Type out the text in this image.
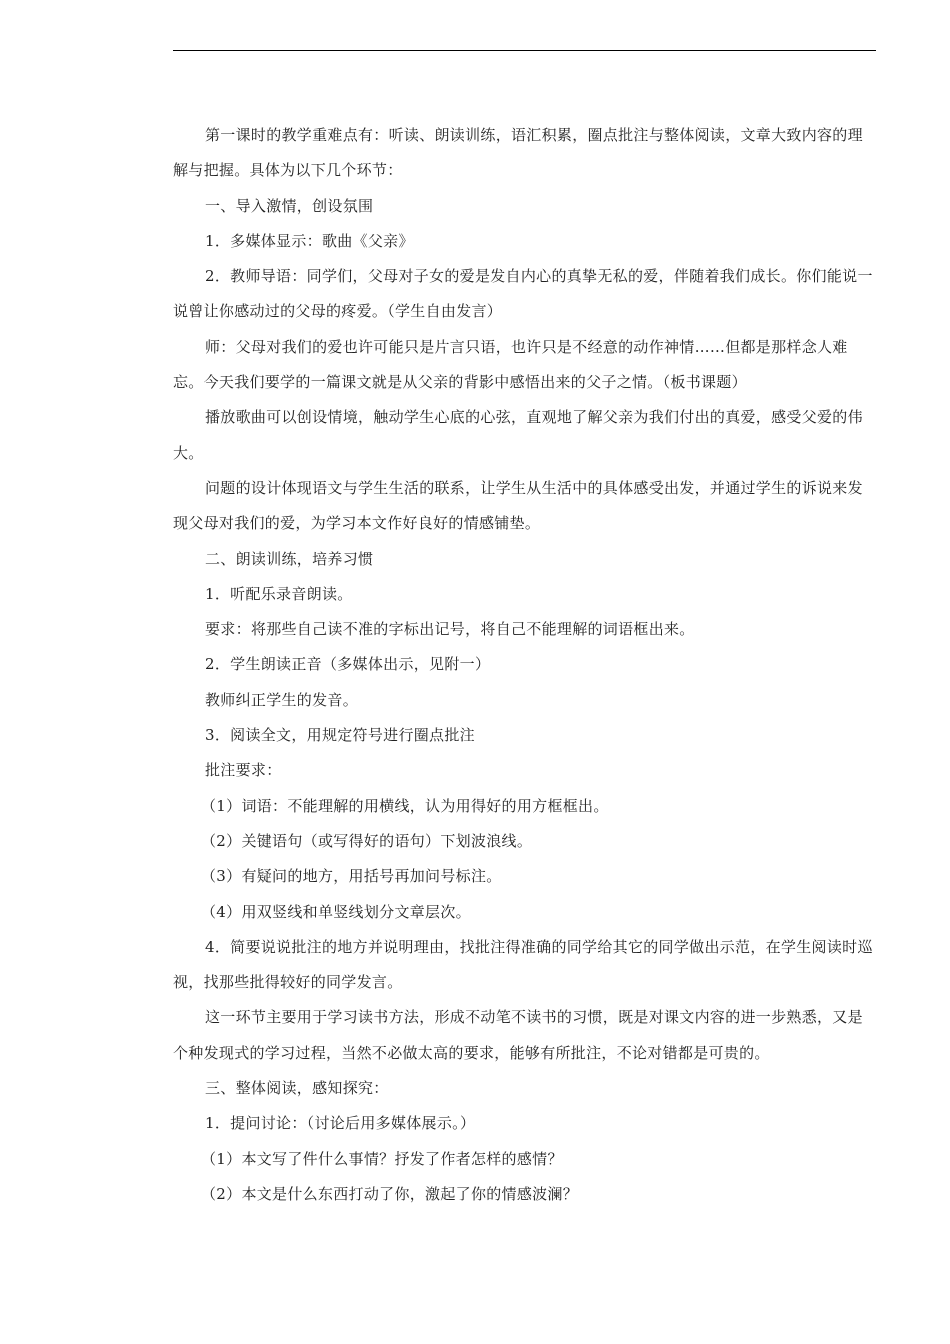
第一课时的教学重难点有：听读、朗读训练，语汇积累，圈点批注与整体阅读，文章大致内容的理解与把握。具体为以下几个环节：

一、导入激情，创设氛围

1．多媒体显示：歌曲《父亲》

2．教师导语：同学们，父母对子女的爱是发自内心的真挚无私的爱，伴随着我们成长。你们能说一说曾让你感动过的父母的疼爱。（学生自由发言）

师：父母对我们的爱也许可能只是片言只语，也许只是不经意的动作神情……但都是那样念人难忘。今天我们要学的一篇课文就是从父亲的背影中感悟出来的父子之情。（板书课题）

播放歌曲可以创设情境，触动学生心底的心弦，直观地了解父亲为我们付出的真爱，感受父爱的伟大。

问题的设计体现语文与学生生活的联系，让学生从生活中的具体感受出发，并通过学生的诉说来发现父母对我们的爱，为学习本文作好良好的情感铺垫。

二、朗读训练，培养习惯

1．听配乐录音朗读。

要求：将那些自己读不准的字标出记号，将自己不能理解的词语框出来。

2．学生朗读正音（多媒体出示，见附一）

教师纠正学生的发音。

3．阅读全文，用规定符号进行圈点批注

批注要求：

（1）词语：不能理解的用横线，认为用得好的用方框框出。

（2）关键语句（或写得好的语句）下划波浪线。

（3）有疑问的地方，用括号再加问号标注。

（4）用双竖线和单竖线划分文章层次。

4．简要说说批注的地方并说明理由，找批注得准确的同学给其它的同学做出示范，在学生阅读时巡视，找那些批得较好的同学发言。

这一环节主要用于学习读书方法，形成不动笔不读书的习惯，既是对课文内容的进一步熟悉，又是个种发现式的学习过程，当然不必做太高的要求，能够有所批注，不论对错都是可贵的。

三、整体阅读，感知探究：

1．提问讨论：（讨论后用多媒体展示。）

（1）本文写了件什么事情？抒发了作者怎样的感情？

（2）本文是什么东西打动了你，激起了你的情感波澜？
